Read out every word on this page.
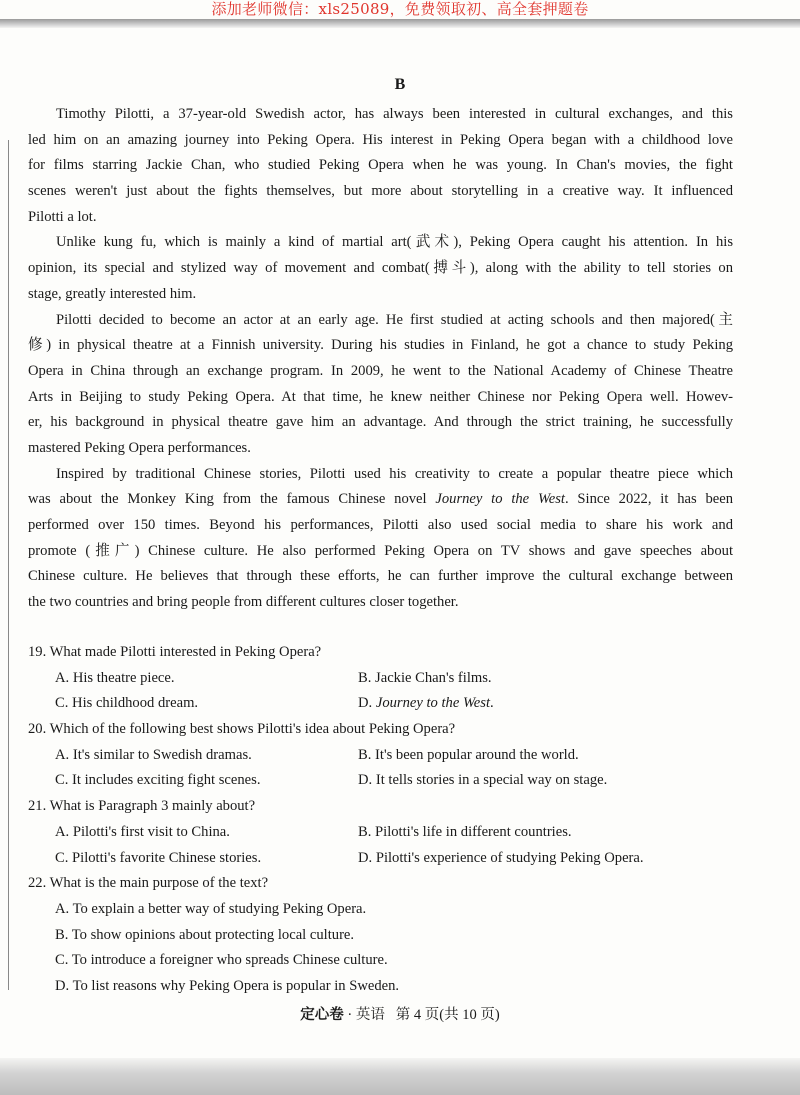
添加老师微信：xls25089，免费领取初、高全套押题卷
B
Timothy Pilotti, a 37-year-old Swedish actor, has always been interested in cultural exchanges, and this
led him on an amazing journey into Peking Opera. His interest in Peking Opera began with a childhood love
for films starring Jackie Chan, who studied Peking Opera when he was young. In Chan's movies, the fight
scenes weren't just about the fights themselves, but more about storytelling in a creative way. It influenced
Pilotti a lot.
Unlike kung fu, which is mainly a kind of martial art(武术), Peking Opera caught his attention. In his
opinion, its special and stylized way of movement and combat(搏斗), along with the ability to tell stories on
stage, greatly interested him.
Pilotti decided to become an actor at an early age. He first studied at acting schools and then majored(主
修) in physical theatre at a Finnish university. During his studies in Finland, he got a chance to study Peking
Opera in China through an exchange program. In 2009, he went to the National Academy of Chinese Theatre
Arts in Beijing to study Peking Opera. At that time, he knew neither Chinese nor Peking Opera well. Howev-
er, his background in physical theatre gave him an advantage. And through the strict training, he successfully
mastered Peking Opera performances.
Inspired by traditional Chinese stories, Pilotti used his creativity to create a popular theatre piece which
was about the Monkey King from the famous Chinese novel Journey to the West. Since 2022, it has been
performed over 150 times. Beyond his performances, Pilotti also used social media to share his work and
promote (推广) Chinese culture. He also performed Peking Opera on TV shows and gave speeches about
Chinese culture. He believes that through these efforts, he can further improve the cultural exchange between
the two countries and bring people from different cultures closer together.
19. What made Pilotti interested in Peking Opera?
A. His theatre piece.	B. Jackie Chan's films.
C. His childhood dream.	D. Journey to the West.
20. Which of the following best shows Pilotti's idea about Peking Opera?
A. It's similar to Swedish dramas.	B. It's been popular around the world.
C. It includes exciting fight scenes.	D. It tells stories in a special way on stage.
21. What is Paragraph 3 mainly about?
A. Pilotti's first visit to China.	B. Pilotti's life in different countries.
C. Pilotti's favorite Chinese stories.	D. Pilotti's experience of studying Peking Opera.
22. What is the main purpose of the text?
A. To explain a better way of studying Peking Opera.
B. To show opinions about protecting local culture.
C. To introduce a foreigner who spreads Chinese culture.
D. To list reasons why Peking Opera is popular in Sweden.
定心卷 · 英语 第 4 页(共 10 页)
